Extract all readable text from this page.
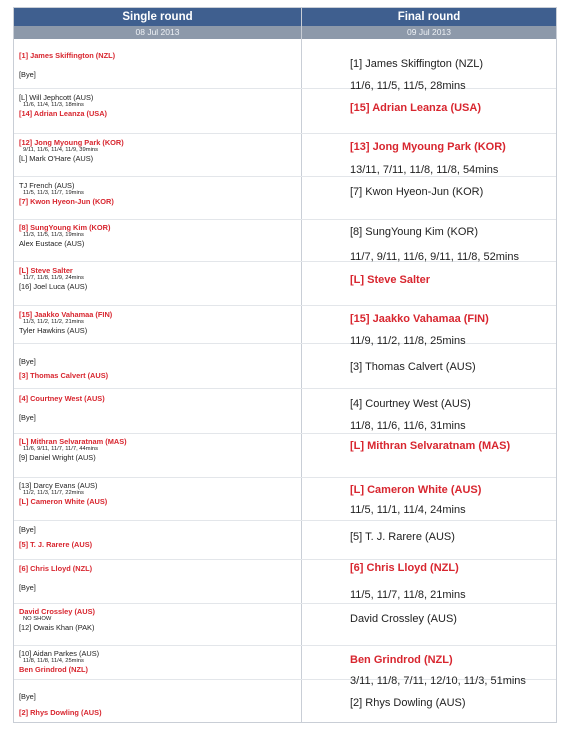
Single round	Final round
08 Jul 2013	09 Jul 2013
[1] James Skiffington (NZL)
[Bye]
[L] Will Jephcott (AUS)
11/6, 11/4, 11/3, 18mins
[14] Adrian Leanza (USA)
[12] Jong Myoung Park (KOR)
9/11, 11/6, 11/4, 11/9, 39mins
[L] Mark O'Hare (AUS)
TJ French (AUS)
11/5, 11/3, 11/7, 19mins
[7] Kwon Hyeon-Jun (KOR)
[8] SungYoung Kim (KOR)
11/3, 11/5, 11/3, 19mins
Alex Eustace (AUS)
[L] Steve Salter
11/7, 11/8, 11/9, 24mins
[16] Joel Luca (AUS)
[15] Jaakko Vahamaa (FIN)
11/3, 11/2, 11/2, 21mins
Tyler Hawkins (AUS)
[Bye]
[3] Thomas Calvert (AUS)
[4] Courtney West (AUS)
[Bye]
[L] Mithran Selvaratnam (MAS)
11/6, 9/11, 11/7, 11/7, 44mins
[9] Daniel Wright (AUS)
[13] Darcy Evans (AUS)
11/2, 11/3, 11/7, 22mins
[L] Cameron White (AUS)
[Bye]
[5] T. J. Rarere (AUS)
[6] Chris Lloyd (NZL)
[Bye]
David Crossley (AUS)
NO SHOW
[12] Owais Khan (PAK)
[10] Aidan Parkes (AUS)
11/8, 11/8, 11/4, 25mins
Ben Grindrod (NZL)
[Bye]
[2] Rhys Dowling (AUS)
[1] James Skiffington (NZL)
11/6, 11/5, 11/5, 28mins
[15] Adrian Leanza (USA)
[13] Jong Myoung Park (KOR)
13/11, 7/11, 11/8, 11/8, 54mins
[7] Kwon Hyeon-Jun (KOR)
[8] SungYoung Kim (KOR)
11/7, 9/11, 11/6, 9/11, 11/8, 52mins
[L] Steve Salter
[15] Jaakko Vahamaa (FIN)
11/9, 11/2, 11/8, 25mins
[3] Thomas Calvert (AUS)
[4] Courtney West (AUS)
11/8, 11/6, 11/6, 31mins
[L] Mithran Selvaratnam (MAS)
[L] Cameron White (AUS)
11/5, 11/1, 11/4, 24mins
[5] T. J. Rarere (AUS)
[6] Chris Lloyd (NZL)
11/5, 11/7, 11/8, 21mins
David Crossley (AUS)
Ben Grindrod (NZL)
3/11, 11/8, 7/11, 12/10, 11/3, 51mins
[2] Rhys Dowling (AUS)
